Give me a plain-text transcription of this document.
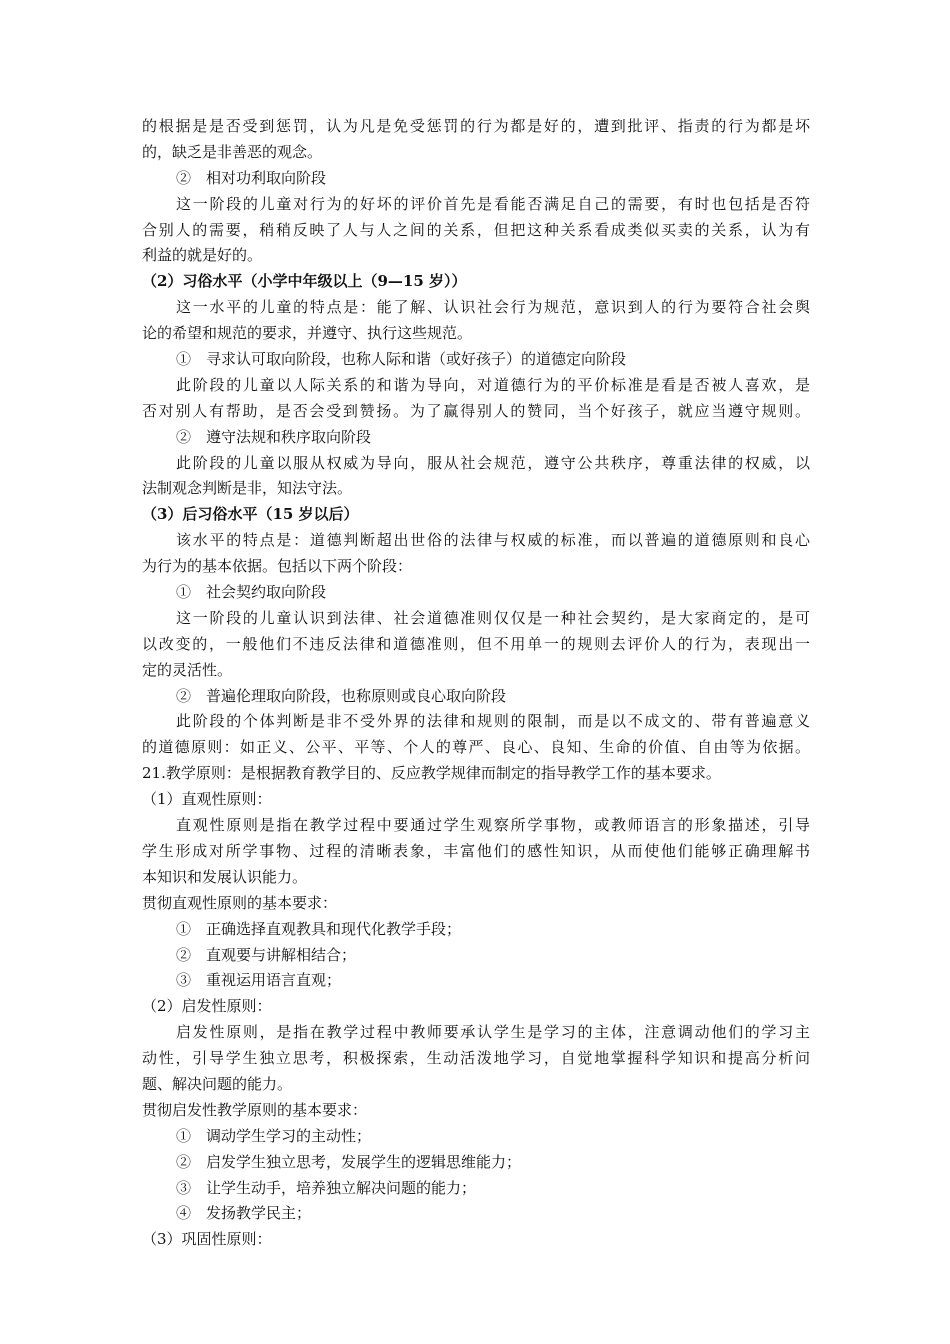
的根据是是否受到惩罚，认为凡是免受惩罚的行为都是好的，遭到批评、指责的行为都是坏
的，缺乏是非善恶的观念。
②　相对功利取向阶段
这一阶段的儿童对行为的好坏的评价首先是看能否满足自己的需要，有时也包括是否符
合别人的需要，稍稍反映了人与人之间的关系，但把这种关系看成类似买卖的关系，认为有
利益的就是好的。
（2）习俗水平（小学中年级以上（9—15 岁））
这一水平的儿童的特点是：能了解、认识社会行为规范，意识到人的行为要符合社会舆
论的希望和规范的要求，并遵守、执行这些规范。
①　寻求认可取向阶段，也称人际和谐（或好孩子）的道德定向阶段
此阶段的儿童以人际关系的和谐为导向，对道德行为的平价标准是看是否被人喜欢，是
否对别人有帮助，是否会受到赞扬。为了赢得别人的赞同，当个好孩子，就应当遵守规则。
②　遵守法规和秩序取向阶段
此阶段的儿童以服从权威为导向，服从社会规范，遵守公共秩序，尊重法律的权威，以
法制观念判断是非，知法守法。
（3）后习俗水平（15 岁以后）
该水平的特点是：道德判断超出世俗的法律与权威的标准，而以普遍的道德原则和良心
为行为的基本依据。包括以下两个阶段：
①　社会契约取向阶段
这一阶段的儿童认识到法律、社会道德准则仅仅是一种社会契约，是大家商定的，是可
以改变的，一般他们不违反法律和道德准则，但不用单一的规则去评价人的行为，表现出一
定的灵活性。
②　普遍伦理取向阶段，也称原则或良心取向阶段
此阶段的个体判断是非不受外界的法律和规则的限制，而是以不成文的、带有普遍意义
的道德原则：如正义、公平、平等、个人的尊严、良心、良知、生命的价值、自由等为依据。
21.教学原则：是根据教育教学目的、反应教学规律而制定的指导教学工作的基本要求。
（1）直观性原则：
直观性原则是指在教学过程中要通过学生观察所学事物，或教师语言的形象描述，引导
学生形成对所学事物、过程的清晰表象，丰富他们的感性知识，从而使他们能够正确理解书
本知识和发展认识能力。
贯彻直观性原则的基本要求：
①　正确选择直观教具和现代化教学手段；
②　直观要与讲解相结合；
③　重视运用语言直观；
（2）启发性原则：
启发性原则，是指在教学过程中教师要承认学生是学习的主体，注意调动他们的学习主
动性，引导学生独立思考，积极探索，生动活泼地学习，自觉地掌握科学知识和提高分析问
题、解决问题的能力。
贯彻启发性教学原则的基本要求：
①　调动学生学习的主动性；
②　启发学生独立思考，发展学生的逻辑思维能力；
③　让学生动手，培养独立解决问题的能力；
④　发扬教学民主；
（3）巩固性原则：
